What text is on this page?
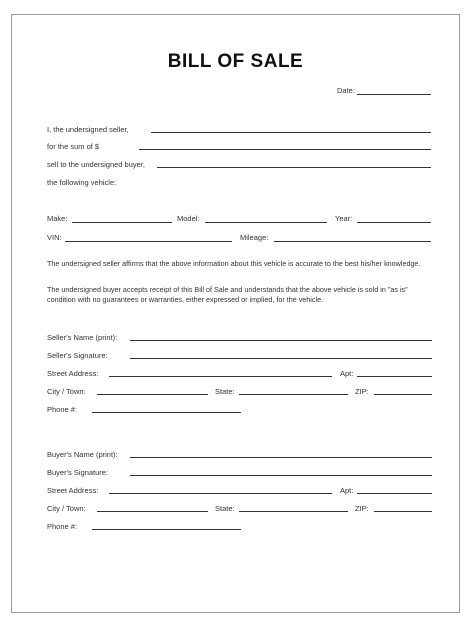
BILL OF SALE
Date:
I, the undersigned seller,
for the sum of $
sell to the undersigned buyer,
the following vehicle:
Make:	Model:	Year:
VIN:	Mileage:
The undersigned seller affirms that the above information about this vehicle is accurate to the best his/her knowledge.
The undersigned buyer accepts receipt of this Bill of Sale and understands that the above vehicle is sold in "as is" condition with no guarantees or warranties, either expressed or implied, for the vehicle.
Seller's Name (print):
Seller's Signature:
Street Address:	Apt:
City / Town:	State:	ZIP:
Phone #:
Buyer's Name (print):
Buyer's Signature:
Street Address:	Apt:
City / Town:	State:	ZIP:
Phone #:
